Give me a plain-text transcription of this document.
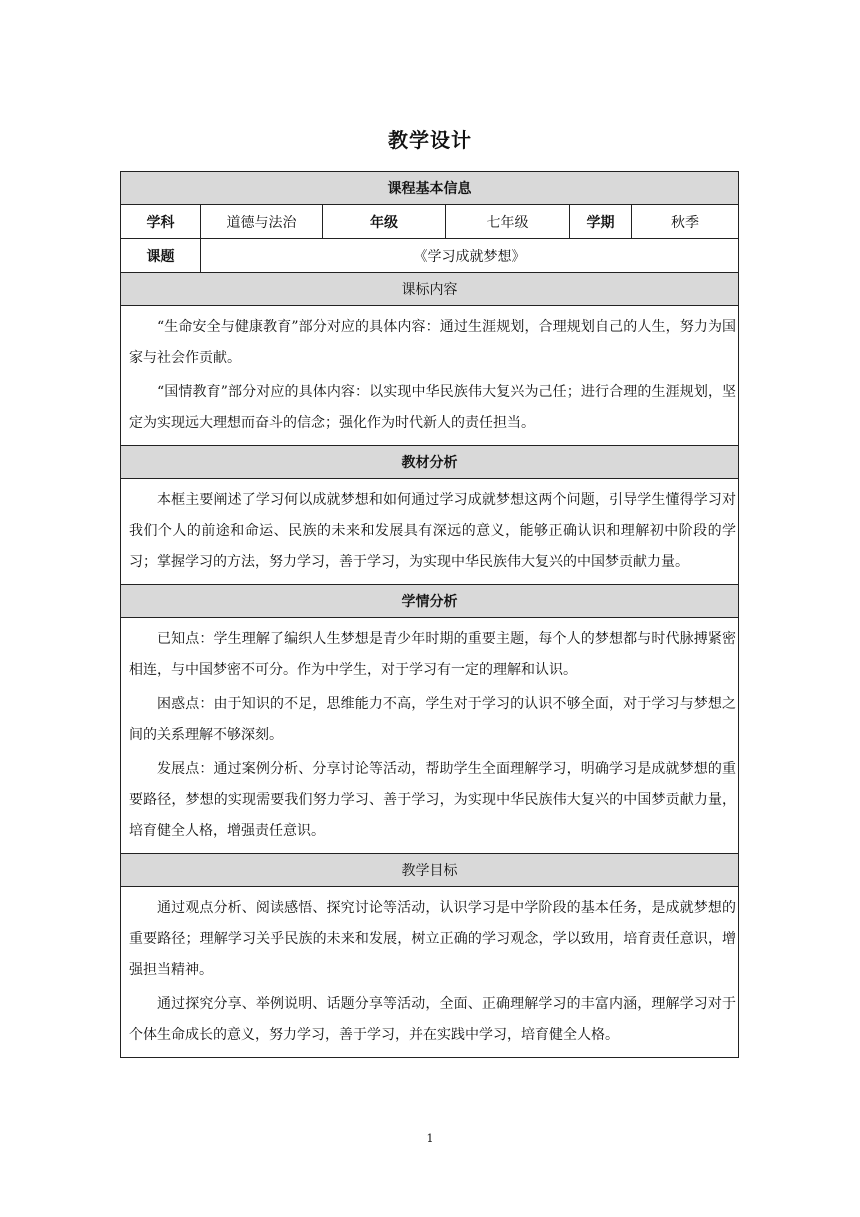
教学设计
课程基本信息					
学科	道德与法治	年级	七年级	学期	秋季
课题	《学习成就梦想》				
课标内容					

“生命安全与健康教育”部分对应的具体内容：通过生涯规划，合理规划自己的人生，努力为国家与社会作贡献。

“国情教育”部分对应的具体内容：以实现中华民族伟大复兴为己任；进行合理的生涯规划，坚定为实现远大理想而奋斗的信念；强化作为时代新人的责任担当。					

教材分析					

本框主要阐述了学习何以成就梦想和如何通过学习成就梦想这两个问题，引导学生懂得学习对我们个人的前途和命运、民族的未来和发展具有深远的意义，能够正确认识和理解初中阶段的学习；掌握学习的方法，努力学习，善于学习，为实现中华民族伟大复兴的中国梦贡献力量。					

学情分析					

已知点：学生理解了编织人生梦想是青少年时期的重要主题，每个人的梦想都与时代脉搏紧密相连，与中国梦密不可分。作为中学生，对于学习有一定的理解和认识。

困惑点：由于知识的不足，思维能力不高，学生对于学习的认识不够全面，对于学习与梦想之间的关系理解不够深刻。

发展点：通过案例分析、分享讨论等活动，帮助学生全面理解学习，明确学习是成就梦想的重要路径，梦想的实现需要我们努力学习、善于学习，为实现中华民族伟大复兴的中国梦贡献力量，培育健全人格，增强责任意识。					

教学目标					

通过观点分析、阅读感悟、探究讨论等活动，认识学习是中学阶段的基本任务，是成就梦想的重要路径；理解学习关乎民族的未来和发展，树立正确的学习观念，学以致用，培育责任意识，增强担当精神。

通过探究分享、举例说明、话题分享等活动，全面、正确理解学习的丰富内涵，理解学习对于个体生命成长的意义，努力学习，善于学习，并在实践中学习，培育健全人格。					

1
